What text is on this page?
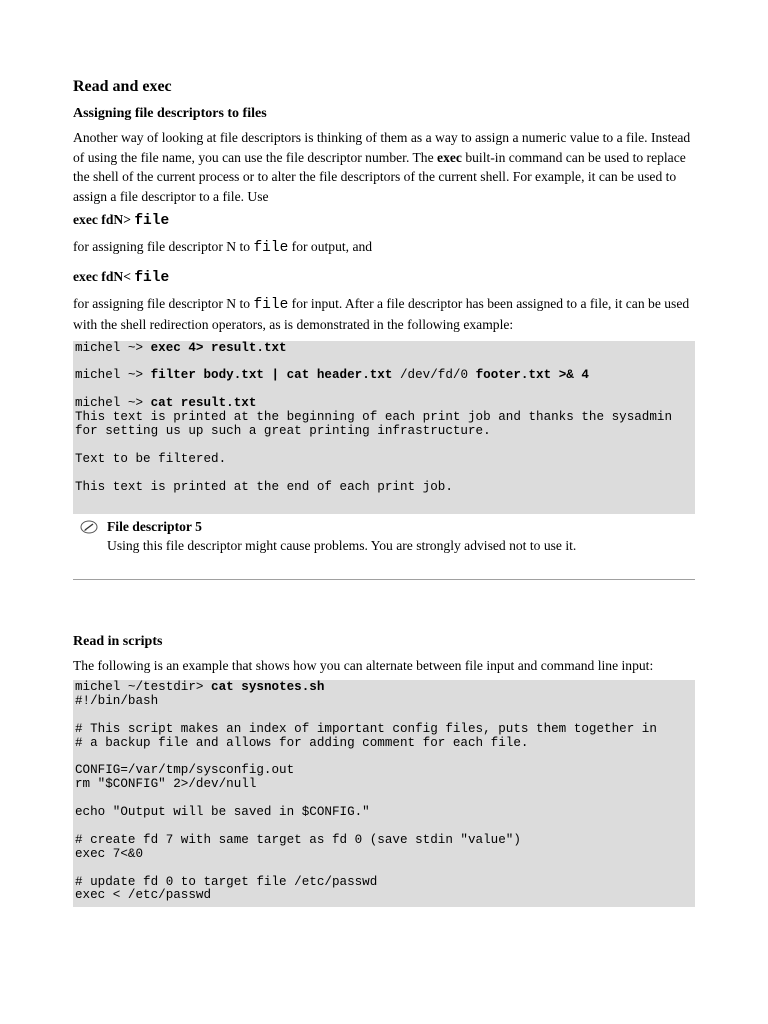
Read and exec
Assigning file descriptors to files

Another way of looking at file descriptors is thinking of them as a way to assign a numeric value to a file. Instead of using the file name, you can use the file descriptor number. The exec built-in command can be used to replace the shell of the current process or to alter the file descriptors of the current shell. For example, it can be used to assign a file descriptor to a file. Use

exec fdN> file

for assigning file descriptor N to file for output, and

exec fdN< file

for assigning file descriptor N to file for input. After a file descriptor has been assigned to a file, it can be used with the shell redirection operators, as is demonstrated in the following example:

michel ~> exec 4> result.txt
michel ~> filter body.txt | cat header.txt /dev/fd/0 footer.txt >& 4
michel ~> cat result.txt
This text is printed at the beginning of each print job and thanks the sysadmin
for setting us up such a great printing infrastructure.
Text to be filtered.
This text is printed at the end of each print job.
File descriptor 5
Using this file descriptor might cause problems. You are strongly advised not to use it.
Read in scripts

The following is an example that shows how you can alternate between file input and command line input:

michel ~/testdir> cat sysnotes.sh
#!/bin/bash
# This script makes an index of important config files, puts them together in
# a backup file and allows for adding comment for each file.
CONFIG=/var/tmp/sysconfig.out
rm "$CONFIG" 2>/dev/null
echo "Output will be saved in $CONFIG."
# create fd 7 with same target as fd 0 (save stdin "value")
exec 7<&0
# update fd 0 to target file /etc/passwd
exec < /etc/passwd
